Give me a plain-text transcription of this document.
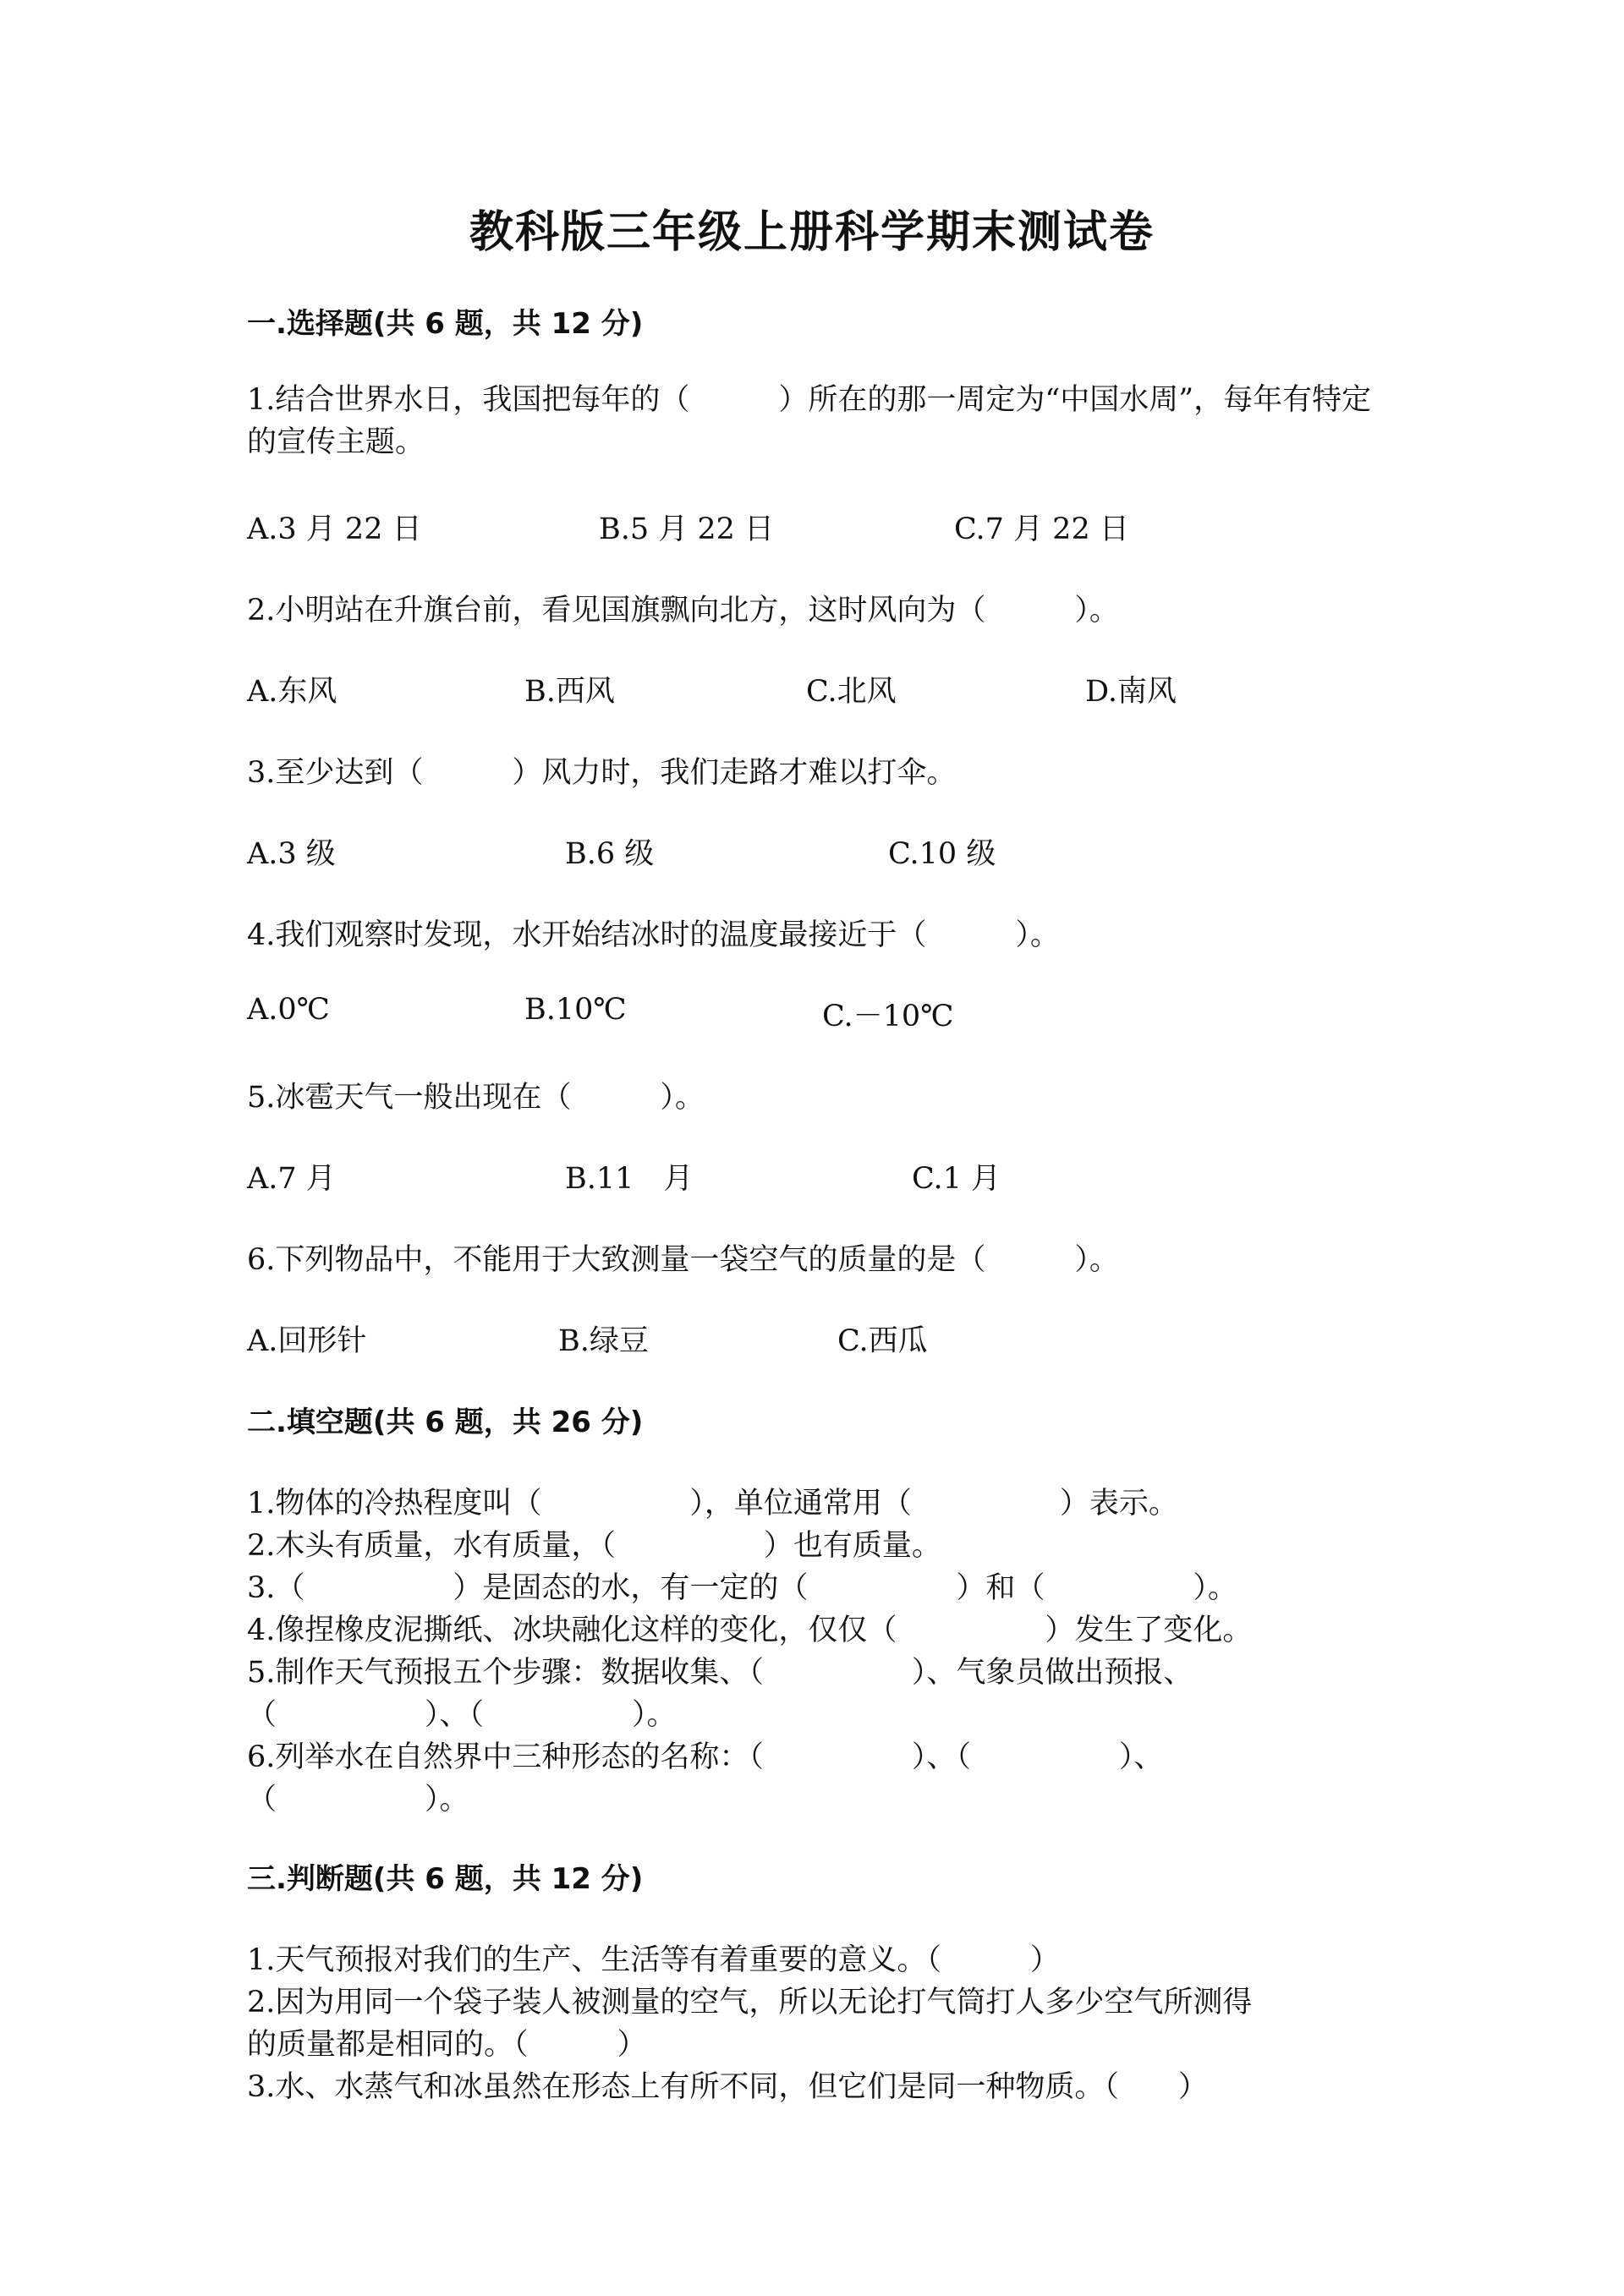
教科版三年级上册科学期末测试卷
一.选择题(共 6 题，共 12 分)

1.结合世界水日，我国把每年的（　　　）所在的那一周定为“中国水周”，每年有特定的宣传主题。

A.3 月 22 日	B.5 月 22 日	C.7 月 22 日

2.小明站在升旗台前，看见国旗飘向北方，这时风向为（　　　）。

A.东风	B.西风	C.北风	D.南风

3.至少达到（　　　）风力时，我们走路才难以打伞。

A.3 级	B.6 级	C.10 级

4.我们观察时发现，水开始结冰时的温度最接近于（　　　）。

A.0℃	B.10℃	C.－10℃

5.冰雹天气一般出现在（　　　）。

A.7 月	B.11　月	C.1 月

6.下列物品中，不能用于大致测量一袋空气的质量的是（　　　）。

A.回形针	B.绿豆	C.西瓜

二.填空题(共 6 题，共 26 分)

1.物体的冷热程度叫（　　　　　），单位通常用（　　　　　）表示。

2.木头有质量，水有质量，（　　　　　）也有质量。

3.（　　　　　）是固态的水，有一定的（　　　　　）和（　　　　　）。

4.像捏橡皮泥撕纸、冰块融化这样的变化，仅仅（　　　　　）发生了变化。

5.制作天气预报五个步骤：数据收集、（　　　　　）、气象员做出预报、

（　　　　　）、（　　　　　）。

6.列举水在自然界中三种形态的名称：（　　　　　）、（　　　　　）、

（　　　　　）。

三.判断题(共 6 题，共 12 分)

1.天气预报对我们的生产、生活等有着重要的意义。（　　　）

2.因为用同一个袋子装人被测量的空气，所以无论打气筒打人多少空气所测得

的质量都是相同的。（　　　）

3.水、水蒸气和冰虽然在形态上有所不同，但它们是同一种物质。（　　）
